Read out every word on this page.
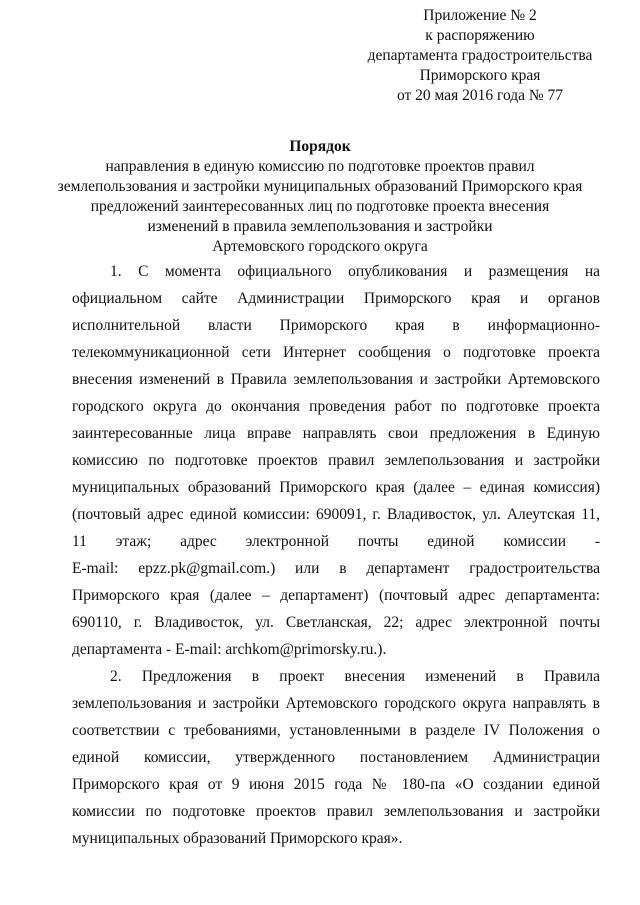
Приложение № 2
к распоряжению
департамента градостроительства
Приморского края
от 20 мая 2016 года № 77
Порядок
направления в единую комиссию по подготовке проектов правил
землепользования и застройки муниципальных образований Приморского края
предложений заинтересованных лиц по подготовке проекта внесения
изменений в правила землепользования и застройки
Артемовского городского округа
1. С момента официального опубликования и размещения на
официальном сайте Администрации Приморского края и органов
исполнительной власти Приморского края в информационно-
телекоммуникационной сети Интернет сообщения о подготовке проекта
внесения изменений в Правила землепользования и застройки Артемовского
городского округа до окончания проведения работ по подготовке проекта
заинтересованные лица вправе направлять свои предложения в Единую
комиссию по подготовке проектов правил землепользования и застройки
муниципальных образований Приморского края (далее – единая комиссия)
(почтовый адрес единой комиссии: 690091, г. Владивосток, ул. Алеутская 11,
11 этаж; адрес электронной почты единой комиссии -
E-mail: epzz.pk@gmail.com.) или в департамент градостроительства
Приморского края (далее – департамент) (почтовый адрес департамента:
690110, г. Владивосток, ул. Светланская, 22; адрес электронной почты
департамента - E-mail: archkom@primorsky.ru.).
2. Предложения в проект внесения изменений в Правила
землепользования и застройки Артемовского городского округа направлять в
соответствии с требованиями, установленными в разделе IV Положения о
единой комиссии, утвержденного постановлением Администрации
Приморского края от 9 июня 2015 года № 180-па «О создании единой
комиссии по подготовке проектов правил землепользования и застройки
муниципальных образований Приморского края».
